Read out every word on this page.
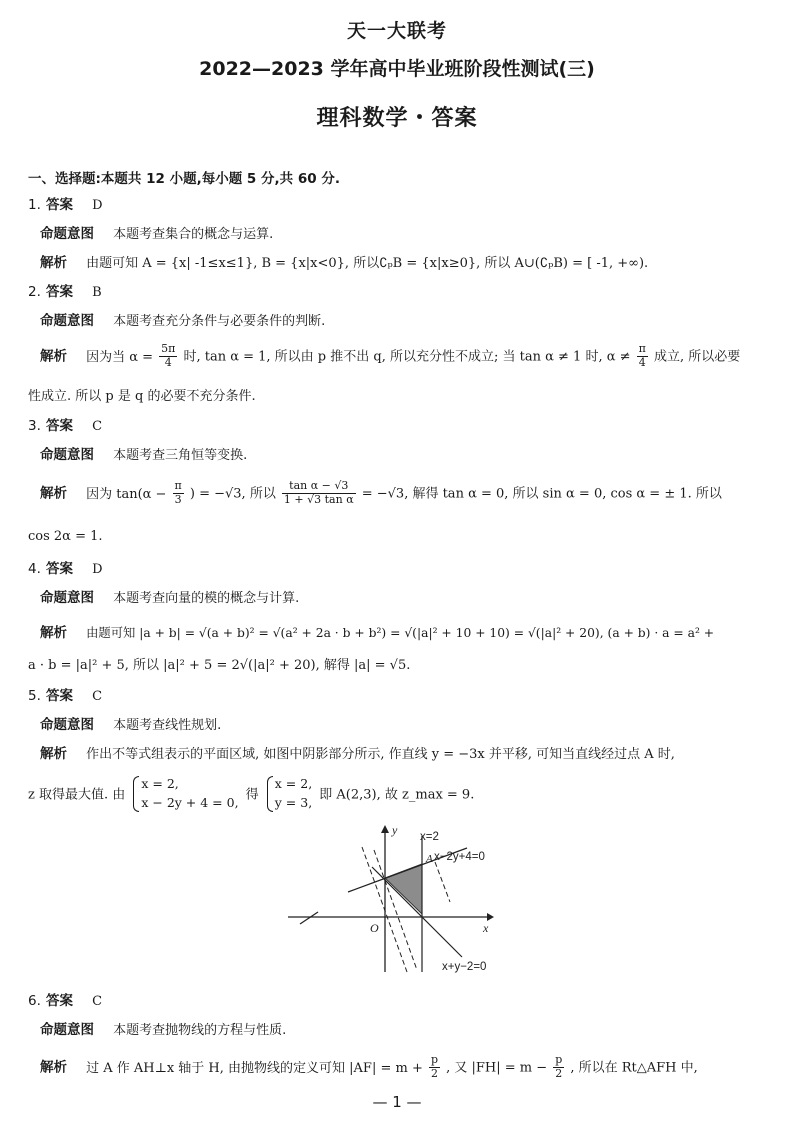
天一大联考
2022—2023 学年高中毕业班阶段性测试(三)
理科数学・答案
一、选择题:本题共 12 小题,每小题 5 分,共 60 分.
1. 答案 D
命题意图 本题考查集合的概念与运算.
解析 由题可知 A = {x| -1≤x≤1}, B = {x|x<0}, 所以∁ₚB = {x|x≥0}, 所以 A∪(∁ₚB) = [ -1, +∞).
2. 答案 B
命题意图 本题考查充分条件与必要条件的判断.
解析 因为当 $\alpha = \frac{5\pi}{4}$ 时, tan α = 1, 所以由 p 推不出 q, 所以充分性不成立; 当 tan α ≠ 1 时, $\alpha \ne \frac{\pi}{4}$ 成立, 所以必要
性成立. 所以 p 是 q 的必要不充分条件.
3. 答案 C
命题意图 本题考查三角恒等变换.
解析 因为 $\tan(\alpha - \frac{\pi}{3}$ ) = −√3, 所以 $\frac{\text{tan α − √3}}{\text{1 + √3 tan α}} = -√3$, 解得 tan α = 0, 所以 sin α = 0, cos α = ± 1. 所以
cos 2α = 1.
4. 答案 D
命题意图 本题考查向量的模的概念与计算.
解析 由题可知 |a + b| = √(a + b)² = √(a² + 2a · b + b²) = √(|a|² + 10 + 10) = √(|a|² + 20), (a + b) · a = a² +
a · b = |a|² + 5, 所以 |a|² + 5 = 2√(|a|² + 20), 解得 |a| = √5.
5. 答案 C
命题意图 本题考查线性规划.
解析 作出不等式组表示的平面区域, 如图中阴影部分所示, 作直线 y = −3x 并平移, 可知当直线经过点 A 时,
z 取得最大值. 由
x = 2,
x − 2y + 4 = 0, 得
x = 2,
y = 3, 即 A(2,3), 故 z_max = 9.
y
x
O
A
x=2
x−2y+4=0
x+y−2=0
6. 答案 C
命题意图 本题考查抛物线的方程与性质.
解析 过 A 作 AH⊥x 轴于 H, 由抛物线的定义可知 $|AF| = m + \frac{p}{2}$ , 又 $|FH| = m - \frac{p}{2}$ , 所以在 Rt△AFH 中,
— 1 —
